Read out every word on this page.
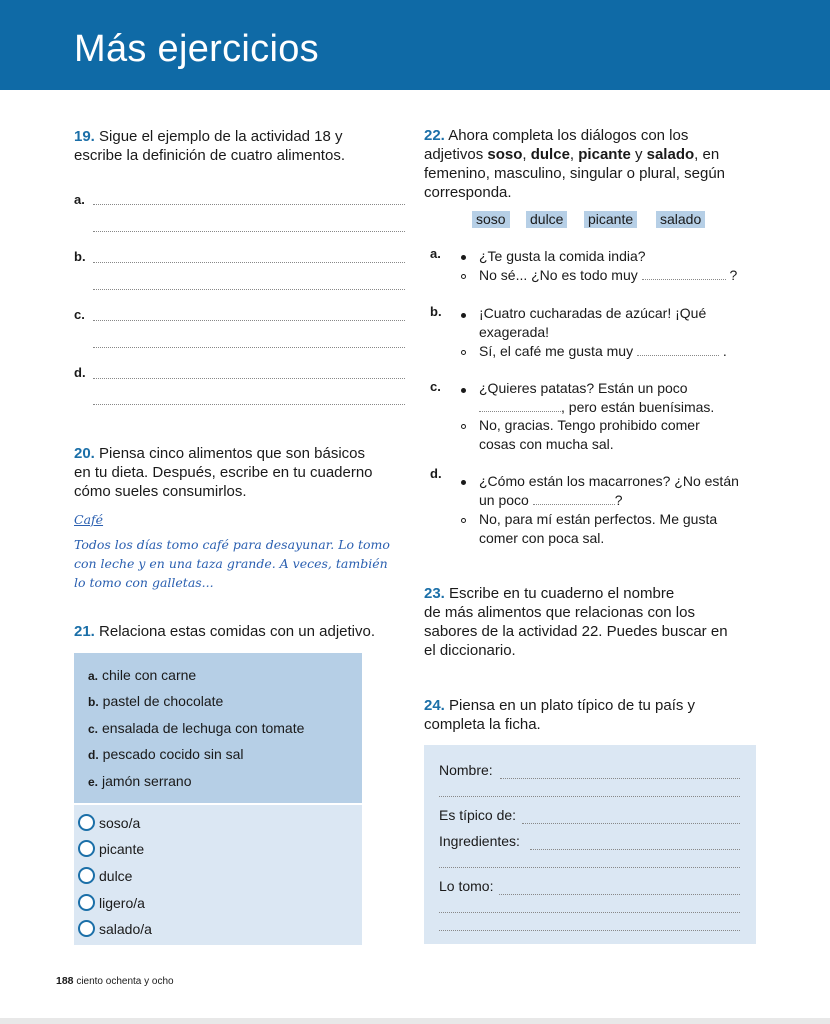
Más ejercicios
19. Sigue el ejemplo de la actividad 18 y
escribe la definición de cuatro alimentos.
a.
b.
c.
d.
20. Piensa cinco alimentos que son básicos
en tu dieta. Después, escribe en tu cuaderno
cómo sueles consumirlos.
Café
Todos los días tomo café para desayunar. Lo tomo
con leche y en una taza grande. A veces, también
lo tomo con galletas...
21. Relaciona estas comidas con un adjetivo.
a. chile con carne
b. pastel de chocolate
c. ensalada de lechuga con tomate
d. pescado cocido sin sal
e. jamón serrano
soso/a
picante
dulce
ligero/a
salado/a
22. Ahora completa los diálogos con los
adjetivos soso, dulce, picante y salado, en
femenino, masculino, singular o plural, según
corresponda.
soso dulce picante salado
a.	¿Te gusta la comida india?
No sé... ¿No es todo muy	?
b.	¡Cuatro cucharadas de azúcar! ¡Qué
exagerada!
Sí, el café me gusta muy	.
c.	¿Quieres patatas? Están un poco
, pero están buenísimas.
No, gracias. Tengo prohibido comer
cosas con mucha sal.
d.	¿Cómo están los macarrones? ¿No están
un poco	?
No, para mí están perfectos. Me gusta
comer con poca sal.
23. Escribe en tu cuaderno el nombre
de más alimentos que relacionas con los
sabores de la actividad 22. Puedes buscar en
el diccionario.
24. Piensa en un plato típico de tu país y
completa la ficha.
Nombre:
Es típico de:
Ingredientes:
Lo tomo:
188 ciento ochenta y ocho
